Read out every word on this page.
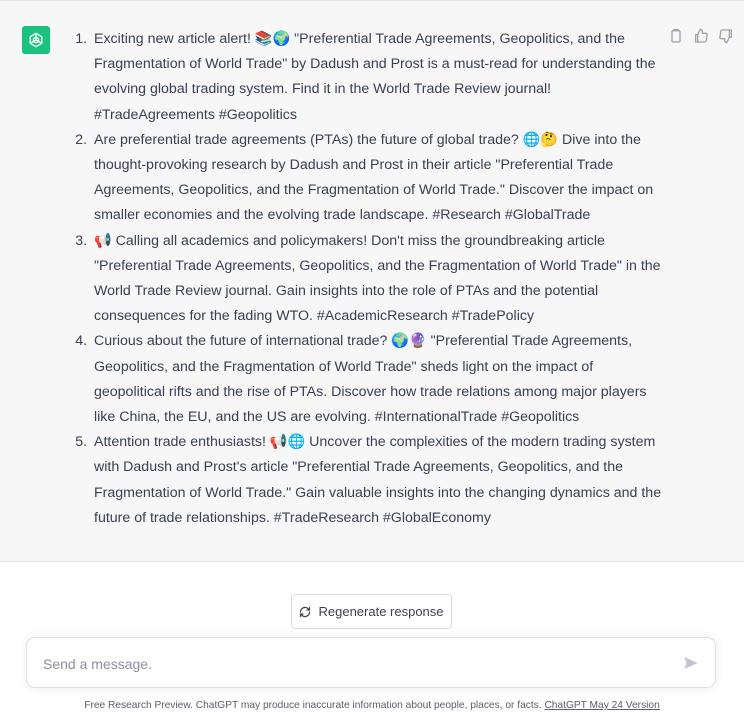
1. Exciting new article alert! 📚🌍 "Preferential Trade Agreements, Geopolitics, and the Fragmentation of World Trade" by Dadush and Prost is a must-read for understanding the evolving global trading system. Find it in the World Trade Review journal! #TradeAgreements #Geopolitics
2. Are preferential trade agreements (PTAs) the future of global trade? 🌐🤔 Dive into the thought-provoking research by Dadush and Prost in their article "Preferential Trade Agreements, Geopolitics, and the Fragmentation of World Trade." Discover the impact on smaller economies and the evolving trade landscape. #Research #GlobalTrade
3. 📢 Calling all academics and policymakers! Don't miss the groundbreaking article "Preferential Trade Agreements, Geopolitics, and the Fragmentation of World Trade" in the World Trade Review journal. Gain insights into the role of PTAs and the potential consequences for the fading WTO. #AcademicResearch #TradePolicy
4. Curious about the future of international trade? 🌍🔮 "Preferential Trade Agreements, Geopolitics, and the Fragmentation of World Trade" sheds light on the impact of geopolitical rifts and the rise of PTAs. Discover how trade relations among major players like China, the EU, and the US are evolving. #InternationalTrade #Geopolitics
5. Attention trade enthusiasts! 📢🌐 Uncover the complexities of the modern trading system with Dadush and Prost's article "Preferential Trade Agreements, Geopolitics, and the Fragmentation of World Trade." Gain valuable insights into the changing dynamics and the future of trade relationships. #TradeResearch #GlobalEconomy
Regenerate response
Send a message.
Free Research Preview. ChatGPT may produce inaccurate information about people, places, or facts. ChatGPT May 24 Version
